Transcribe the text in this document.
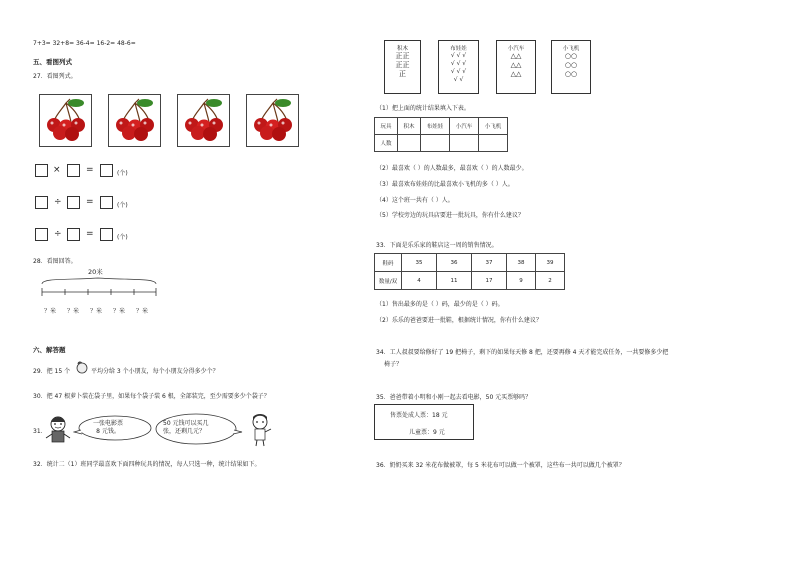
7+3= 32+8= 36-4= 16-2= 48-6=
五、看图列式
27．看图列式。
×	=	(个)
÷	=	(个)
÷	=	(个)
28．看图回答。
20米
？米 ？米 ？米 ？米 ？米
六、解答题
29．把 15 个	平均分给 3 个小朋友，每个小朋友分得多少个？
30．把 47 根萝卜装在袋子里，如果每个袋子装 6 根，全部装完，至少需要多少个袋子？
31．
一张电影票
8 元钱。
50 元钱可以买几
张，还剩几元？
32．统计二（1）班同学最喜欢下面四种玩具的情况，每人只选一种，统计结果如下。
积木
正正
正正
正
布娃娃
√ √ √
√ √ √
√ √ √
√ √
小汽车
△△
△△
△△
小飞机
○○
○○
○○
（1）把上面的统计结果填入下表。
玩具	积木	布娃娃	小汽车	小飞机
人数				
（2）最喜欢（ ）的人数最多，最喜欢（ ）的人数最少。
（3）最喜欢布娃娃的比最喜欢小飞机的多（ ）人。
（4）这个班一共有（ ）人。
（5）学校旁边的玩具店要进一批玩具，你有什么建议？
33．下面是乐乐家的鞋店这一周的销售情况。
鞋码	35	36	37	38	39
数量/双	4	11	17	9	2
（1）售出最多的是（ ）码，最少的是（ ）码。
（2）乐乐的爸爸要进一批鞋，根据统计情况，你有什么建议？
34．工人叔叔要给修好了 19 把椅子，剩下的如果每天修 8 把，还要再修 4 天才能完成任务，一共要修多少把
椅子？
35．爸爸带着小明和小刚一起去看电影，50 元买票够吗？
售票处成人票：18 元
儿童票：9 元
36．奶奶买来 32 米花布做被罩，每 5 米花布可以做一个被罩，这些布一共可以做几个被罩？
